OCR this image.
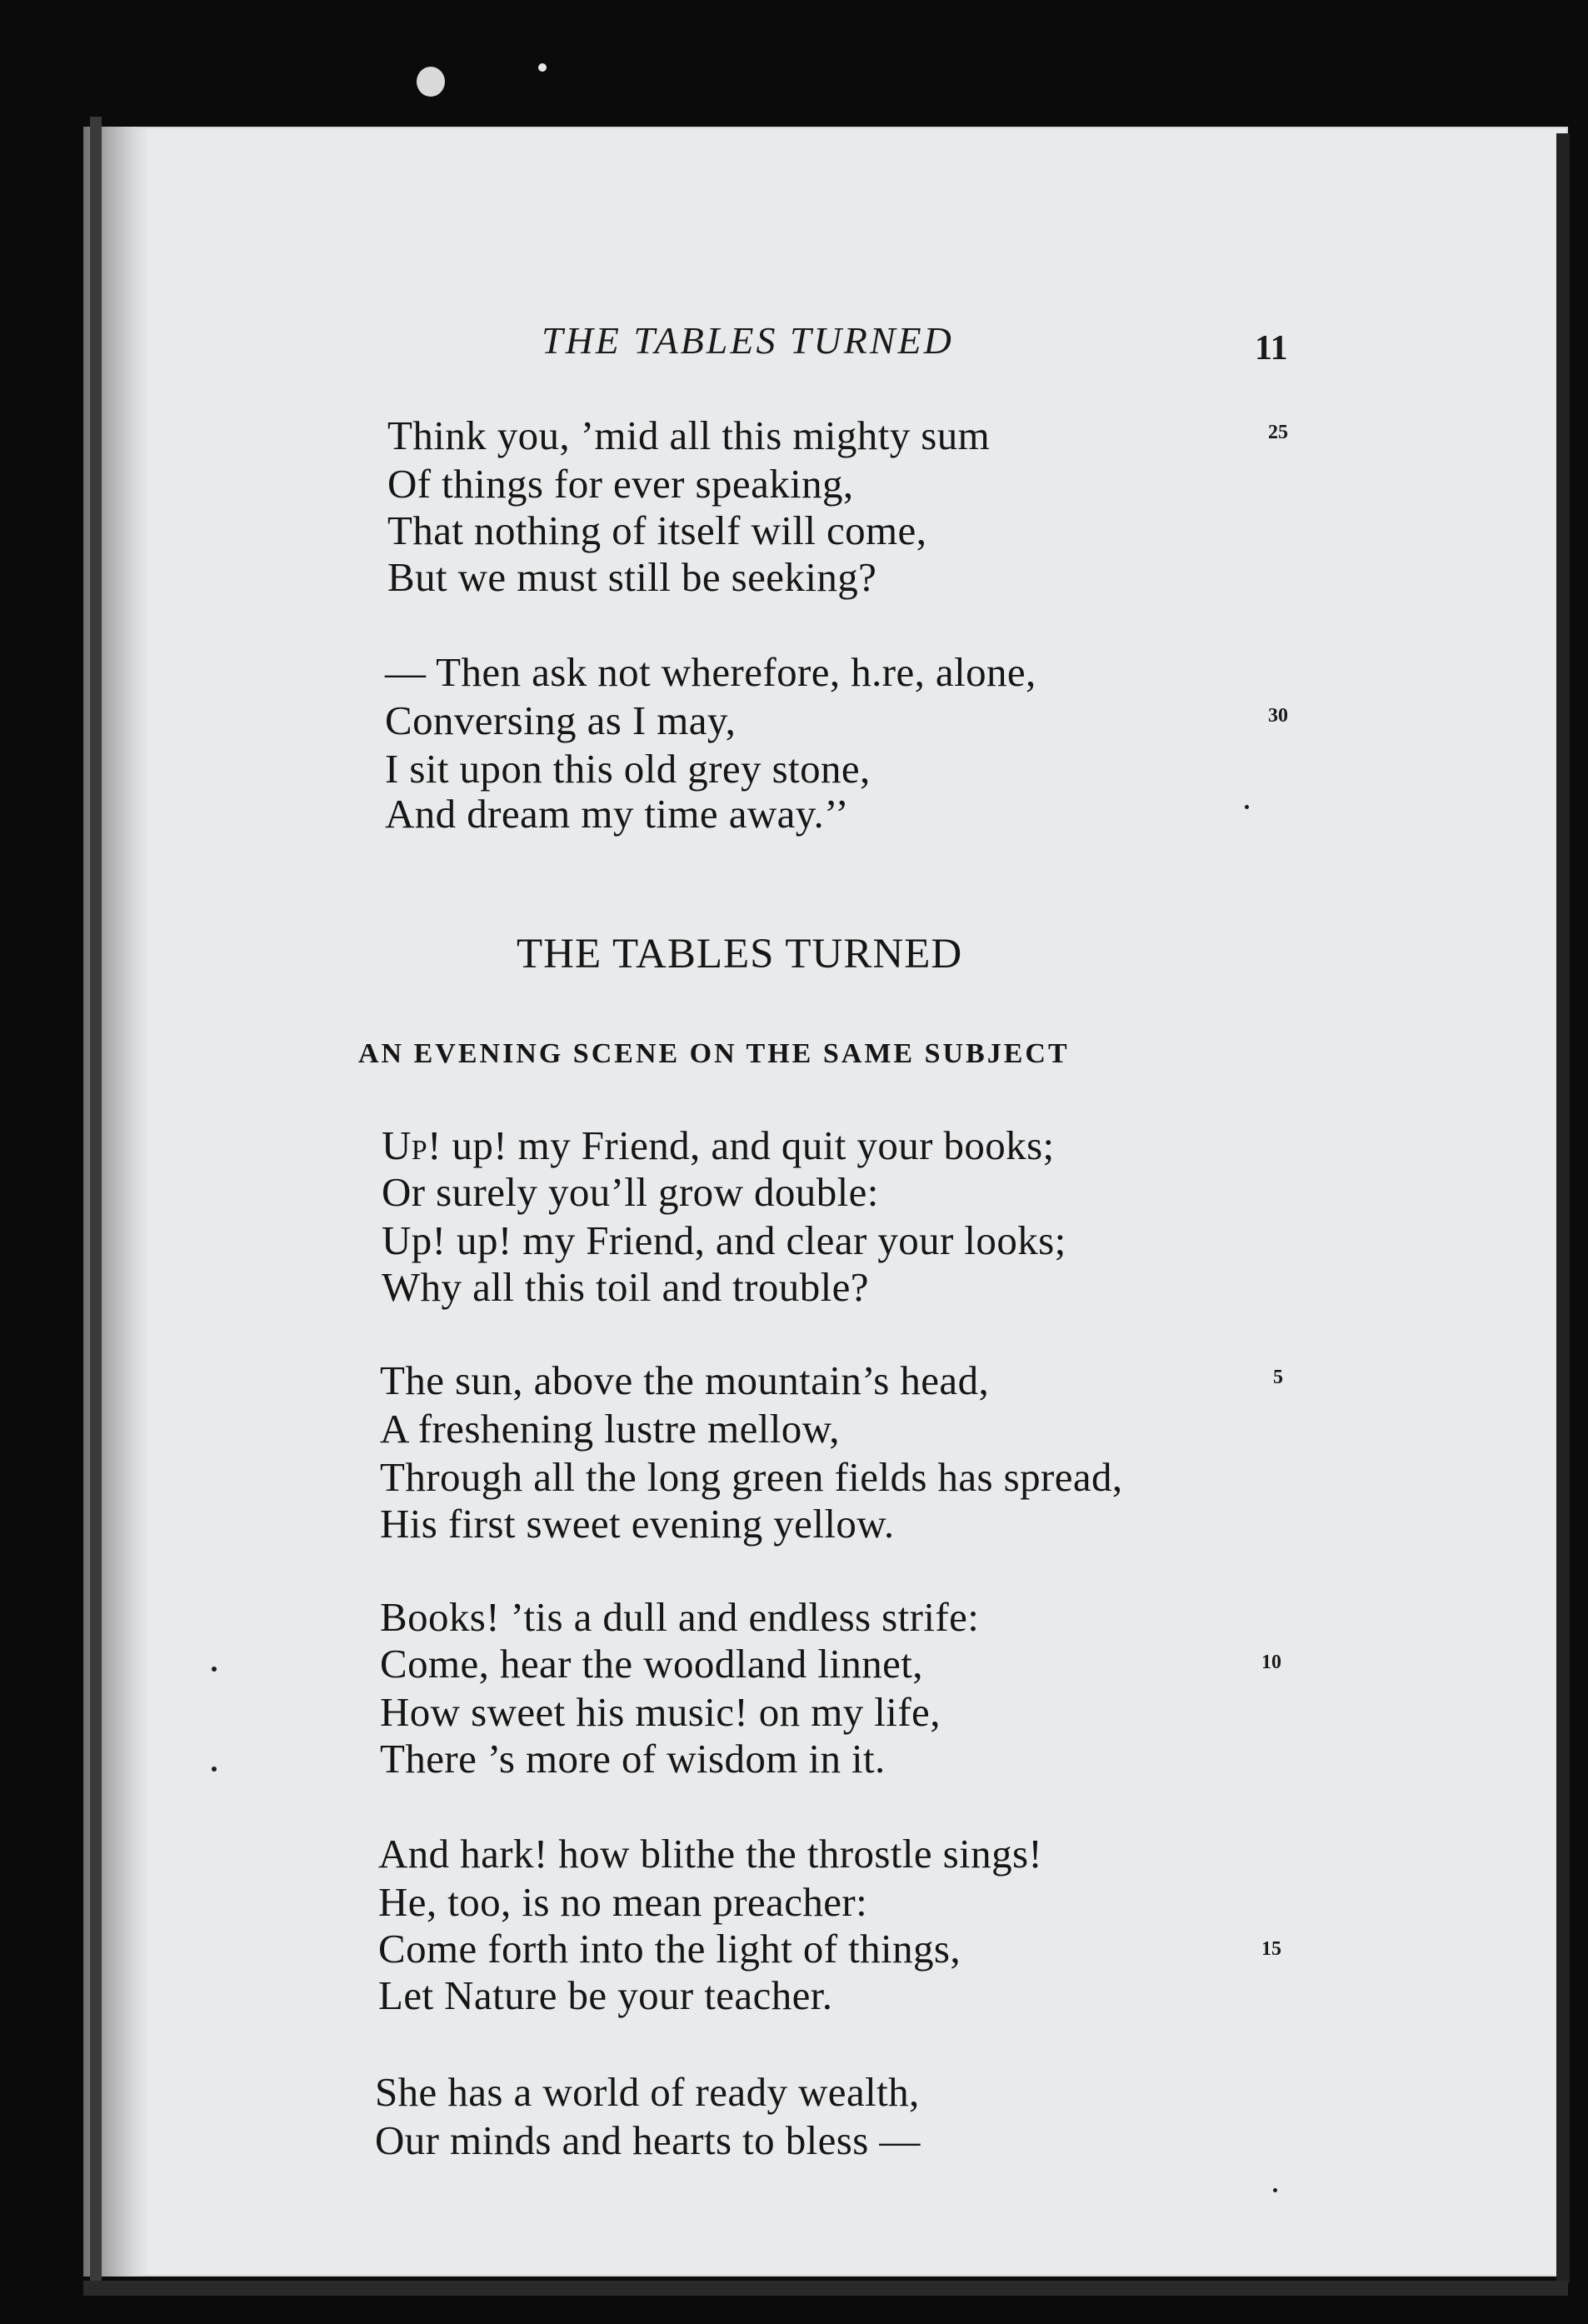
THE TABLES TURNED	11
Think you, ’mid all this mighty sum
Of things for ever speaking,
That nothing of itself will come,
But we must still be seeking?
25
— Then ask not wherefore, h.re, alone,
Conversing as I may,
I sit upon this old grey stone,
And dream my time away.’’
30
THE TABLES TURNED
AN EVENING SCENE ON THE SAME SUBJECT
Up! up! my Friend, and quit your books;
Or surely you’ll grow double:
Up! up! my Friend, and clear your looks;
Why all this toil and trouble?
The sun, above the mountain’s head,
A freshening lustre mellow,
Through all the long green fields has spread,
His first sweet evening yellow.
5
Books! ’tis a dull and endless strife:
Come, hear the woodland linnet,
How sweet his music! on my life,
There ’s more of wisdom in it.
10
And hark! how blithe the throstle sings!
He, too, is no mean preacher:
Come forth into the light of things,
Let Nature be your teacher.
15
She has a world of ready wealth,
Our minds and hearts to bless —
